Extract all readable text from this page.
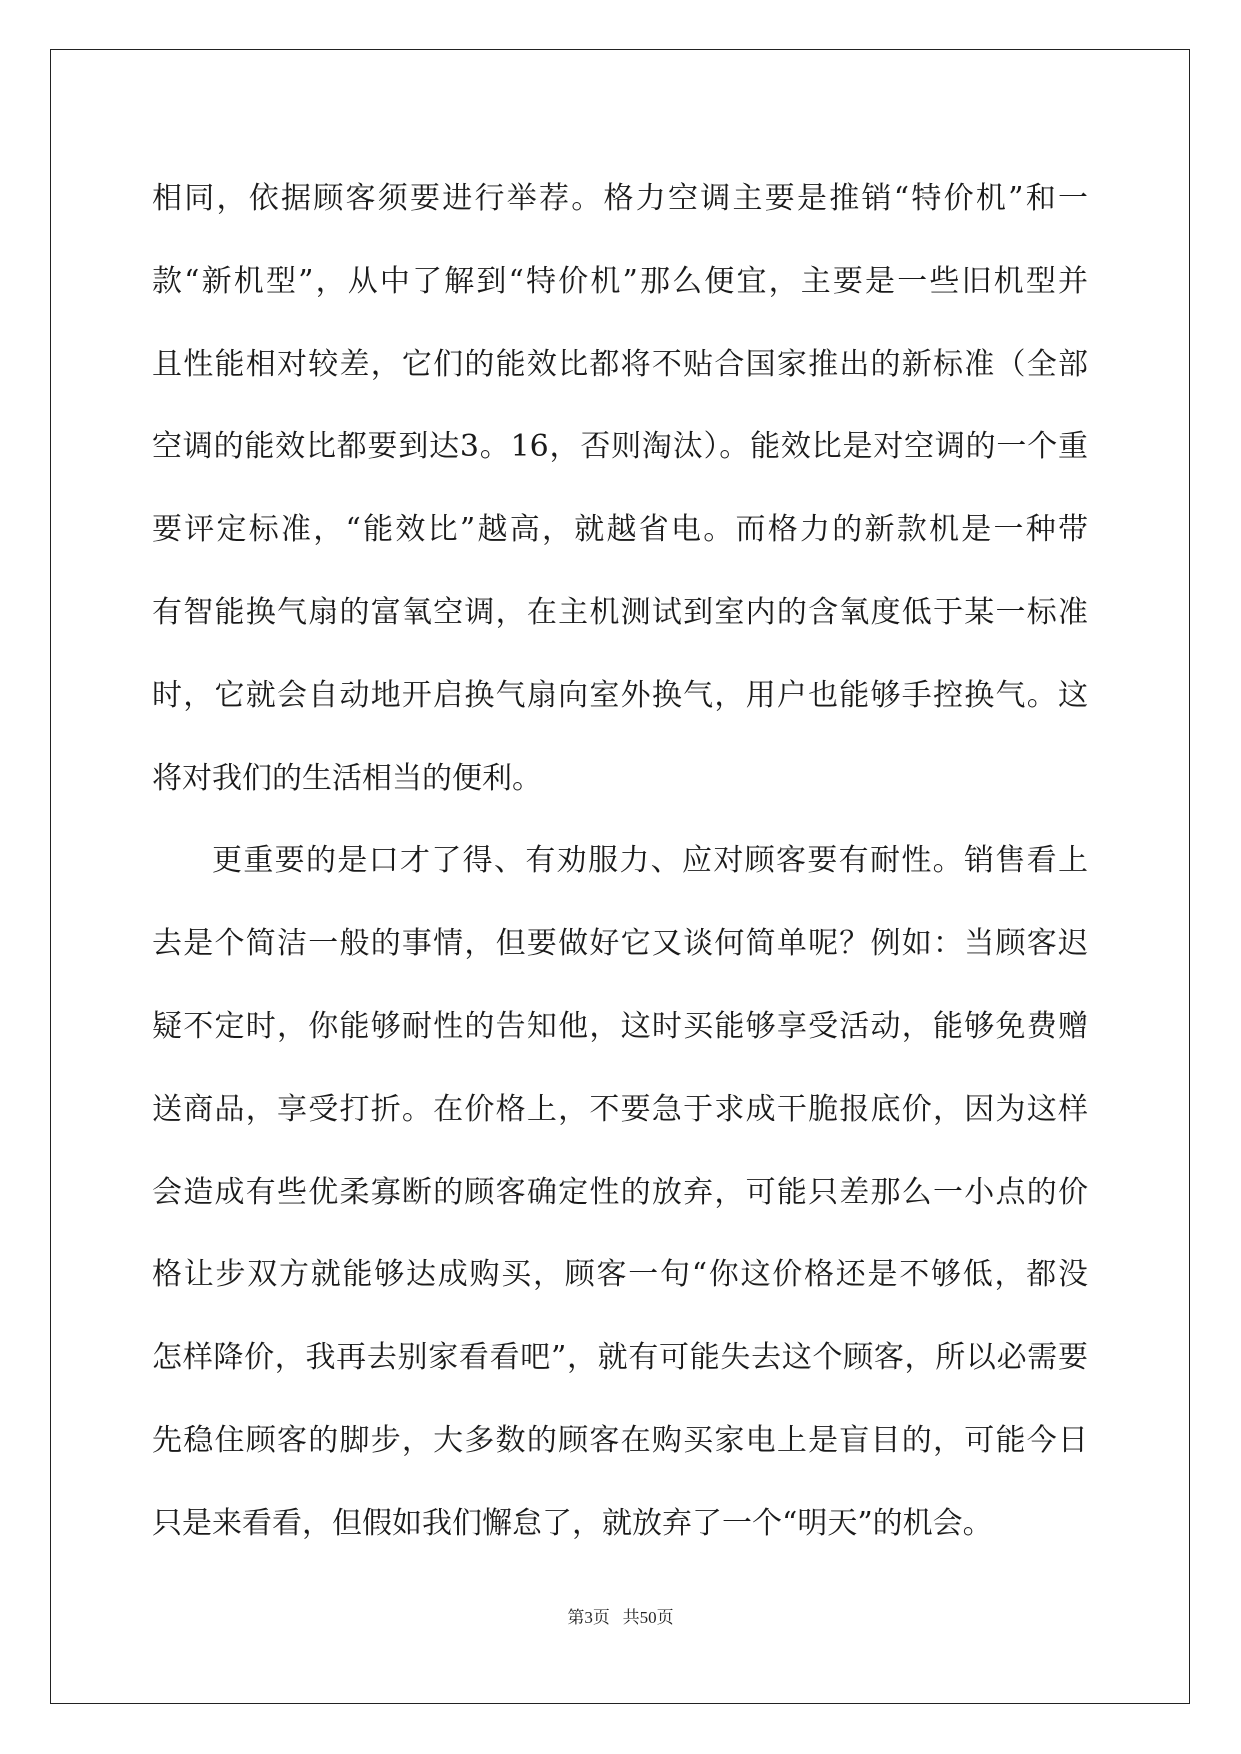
相同，依据顾客须要进行举荐。格力空调主要是推销“特价机”和一
款“新机型”，从中了解到“特价机”那么便宜，主要是一些旧机型并
且性能相对较差，它们的能效比都将不贴合国家推出的新标准（全部
空调的能效比都要到达3。16，否则淘汰）。能效比是对空调的一个重
要评定标准，“能效比”越高，就越省电。而格力的新款机是一种带
有智能换气扇的富氧空调，在主机测试到室内的含氧度低于某一标准
时，它就会自动地开启换气扇向室外换气，用户也能够手控换气。这
将对我们的生活相当的便利。
更重要的是口才了得、有劝服力、应对顾客要有耐性。销售看上
去是个简洁一般的事情，但要做好它又谈何简单呢？例如：当顾客迟
疑不定时，你能够耐性的告知他，这时买能够享受活动，能够免费赠
送商品，享受打折。在价格上，不要急于求成干脆报底价，因为这样
会造成有些优柔寡断的顾客确定性的放弃，可能只差那么一小点的价
格让步双方就能够达成购买，顾客一句“你这价格还是不够低，都没
怎样降价，我再去别家看看吧”，就有可能失去这个顾客，所以必需要
先稳住顾客的脚步，大多数的顾客在购买家电上是盲目的，可能今日
只是来看看，但假如我们懈怠了，就放弃了一个“明天”的机会。
第3页 共50页
